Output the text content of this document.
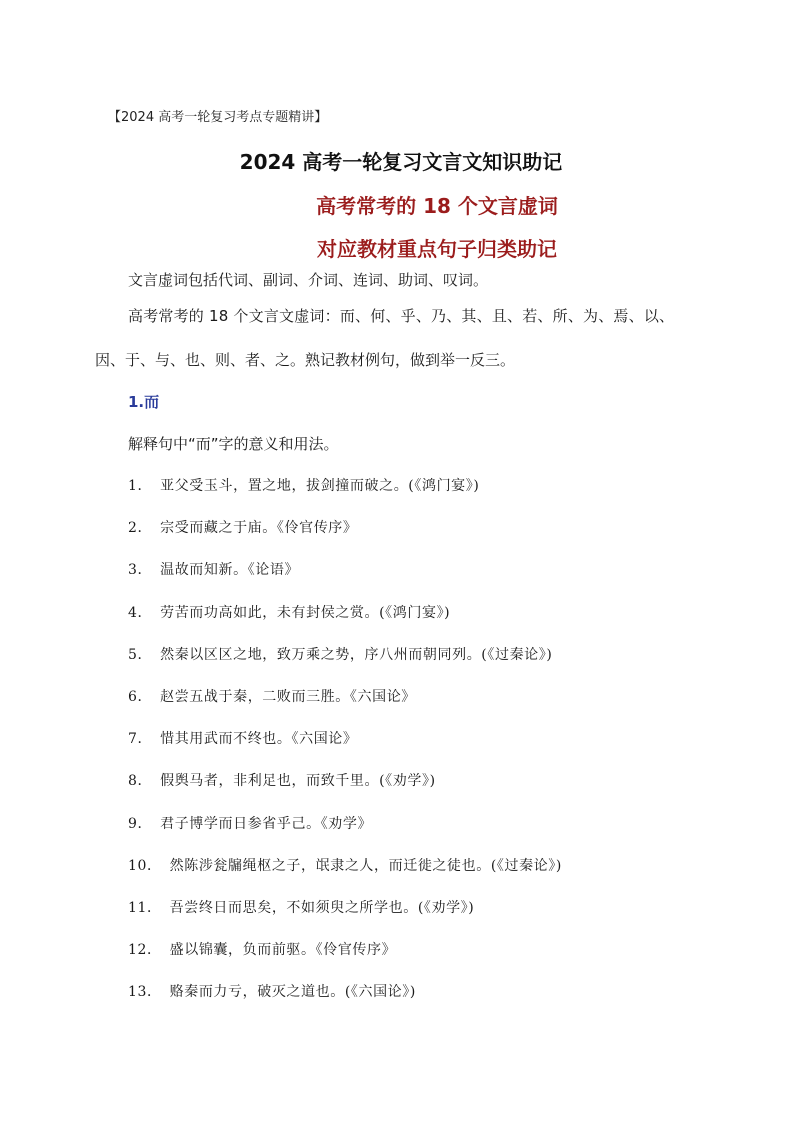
【2024 高考一轮复习考点专题精讲】
2024 高考一轮复习文言文知识助记
高考常考的 18 个文言虚词
对应教材重点句子归类助记
文言虚词包括代词、副词、介词、连词、助词、叹词。
高考常考的 18 个文言文虚词：而、何、乎、乃、其、且、若、所、为、焉、以、
因、于、与、也、则、者、之。熟记教材例句，做到举一反三。
1.而
解释句中“而”字的意义和用法。
1． 亚父受玉斗，置之地，拔剑撞而破之。(《鸿门宴》)
2． 宗受而藏之于庙。《伶官传序》
3． 温故而知新。《论语》
4． 劳苦而功高如此，未有封侯之赏。(《鸿门宴》)
5． 然秦以区区之地，致万乘之势，序八州而朝同列。(《过秦论》)
6． 赵尝五战于秦，二败而三胜。《六国论》
7． 惜其用武而不终也。《六国论》
8． 假舆马者，非利足也，而致千里。(《劝学》)
9． 君子博学而日参省乎己。《劝学》
10． 然陈涉瓮牖绳枢之子，氓隶之人，而迁徙之徒也。(《过秦论》)
11． 吾尝终日而思矣，不如须臾之所学也。(《劝学》)
12． 盛以锦囊，负而前驱。《伶官传序》
13． 赂秦而力亏，破灭之道也。(《六国论》)
